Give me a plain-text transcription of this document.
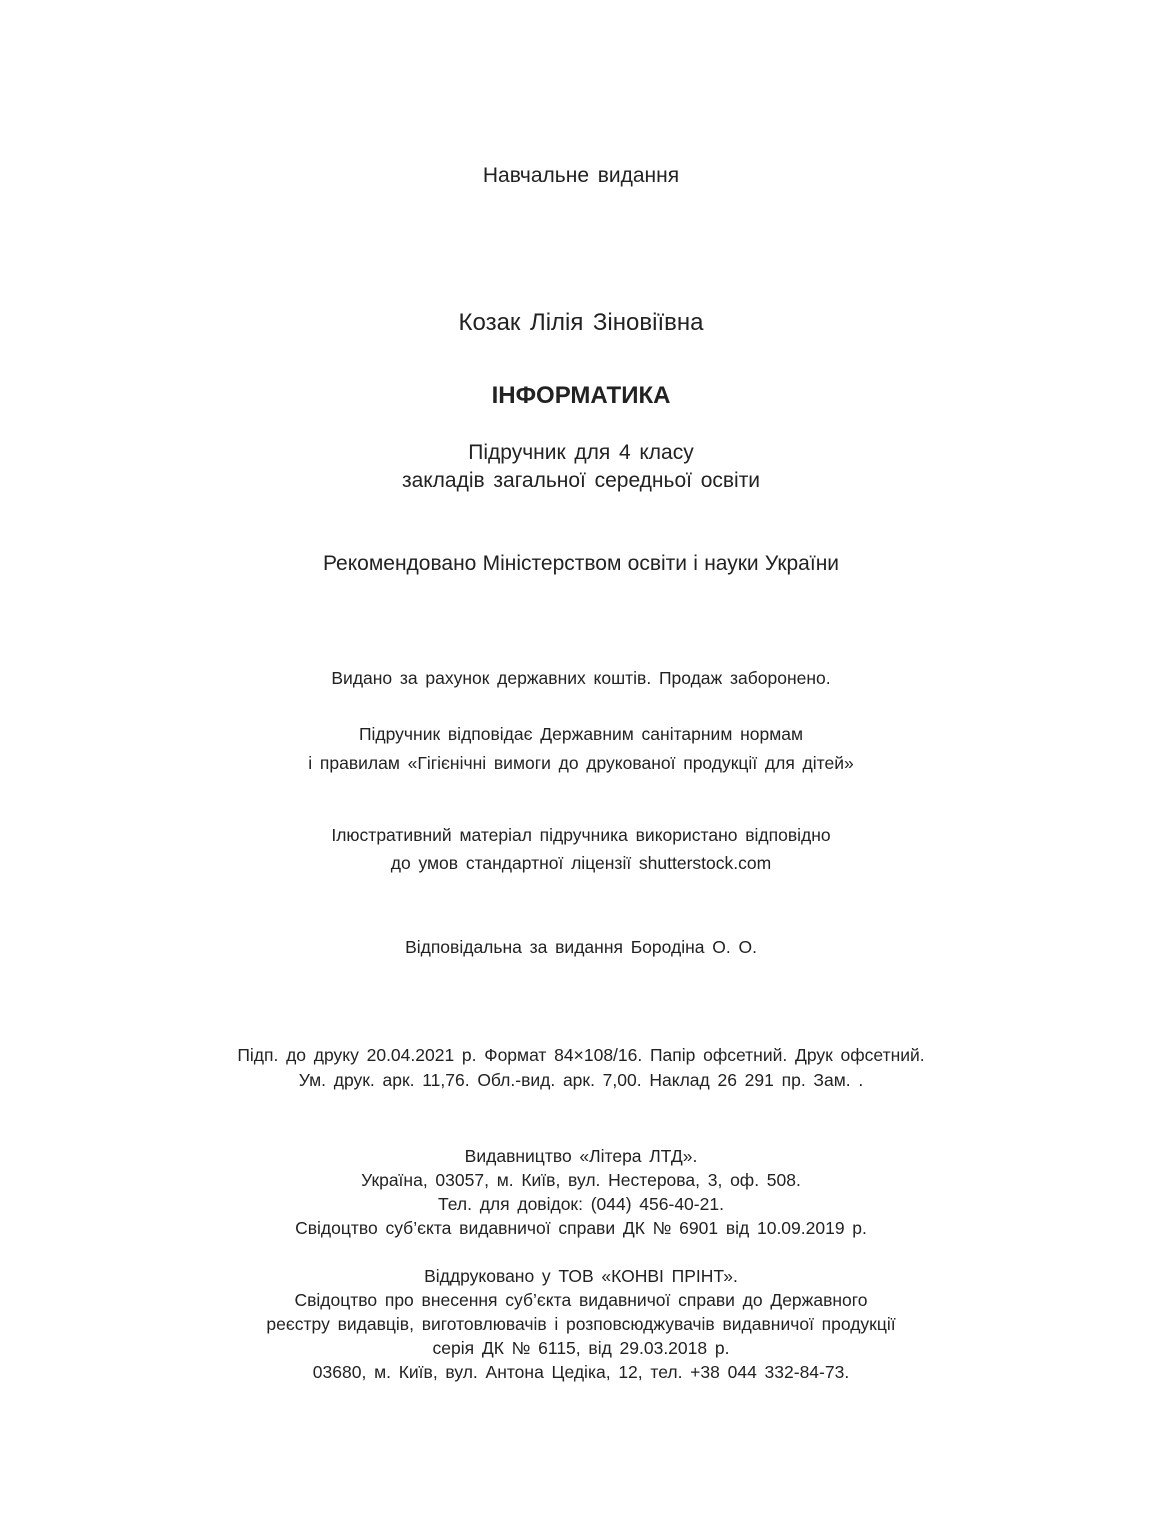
Навчальне видання

Козак Лілія Зіновіївна

ІНФОРМАТИКА

Підручник для 4 класу

закладів загальної середньої освіти

Рекомендовано Міністерством освіти і науки України

Видано за рахунок державних коштів. Продаж заборонено.

Підручник відповідає Державним санітарним нормам

і правилам «Гігієнічні вимоги до друкованої продукції для дітей»

Ілюстративний матеріал підручника використано відповідно

до умов стандартної ліцензії shutterstock.com

Відповідальна за видання Бородіна О. О.

Підп. до друку 20.04.2021 р. Формат 84×108/16. Папір офсетний. Друк офсетний.

Ум. друк. арк. 11,76. Обл.-вид. арк. 7,00. Наклад 26 291 пр. Зам. .

Видавництво «Літера ЛТД».

Україна, 03057, м. Київ, вул. Нестерова, 3, оф. 508.

Тел. для довідок: (044) 456-40-21.

Свідоцтво суб’єкта видавничої справи ДК № 6901 від 10.09.2019 р.

Віддруковано у ТОВ «КОНВІ ПРІНТ».

Свідоцтво про внесення суб’єкта видавничої справи до Державного

реєстру видавців, виготовлювачів і розповсюджувачів видавничої продукції

серія ДК № 6115, від 29.03.2018 р.

03680, м. Київ, вул. Антона Цедіка, 12, тел. +38 044 332-84-73.
